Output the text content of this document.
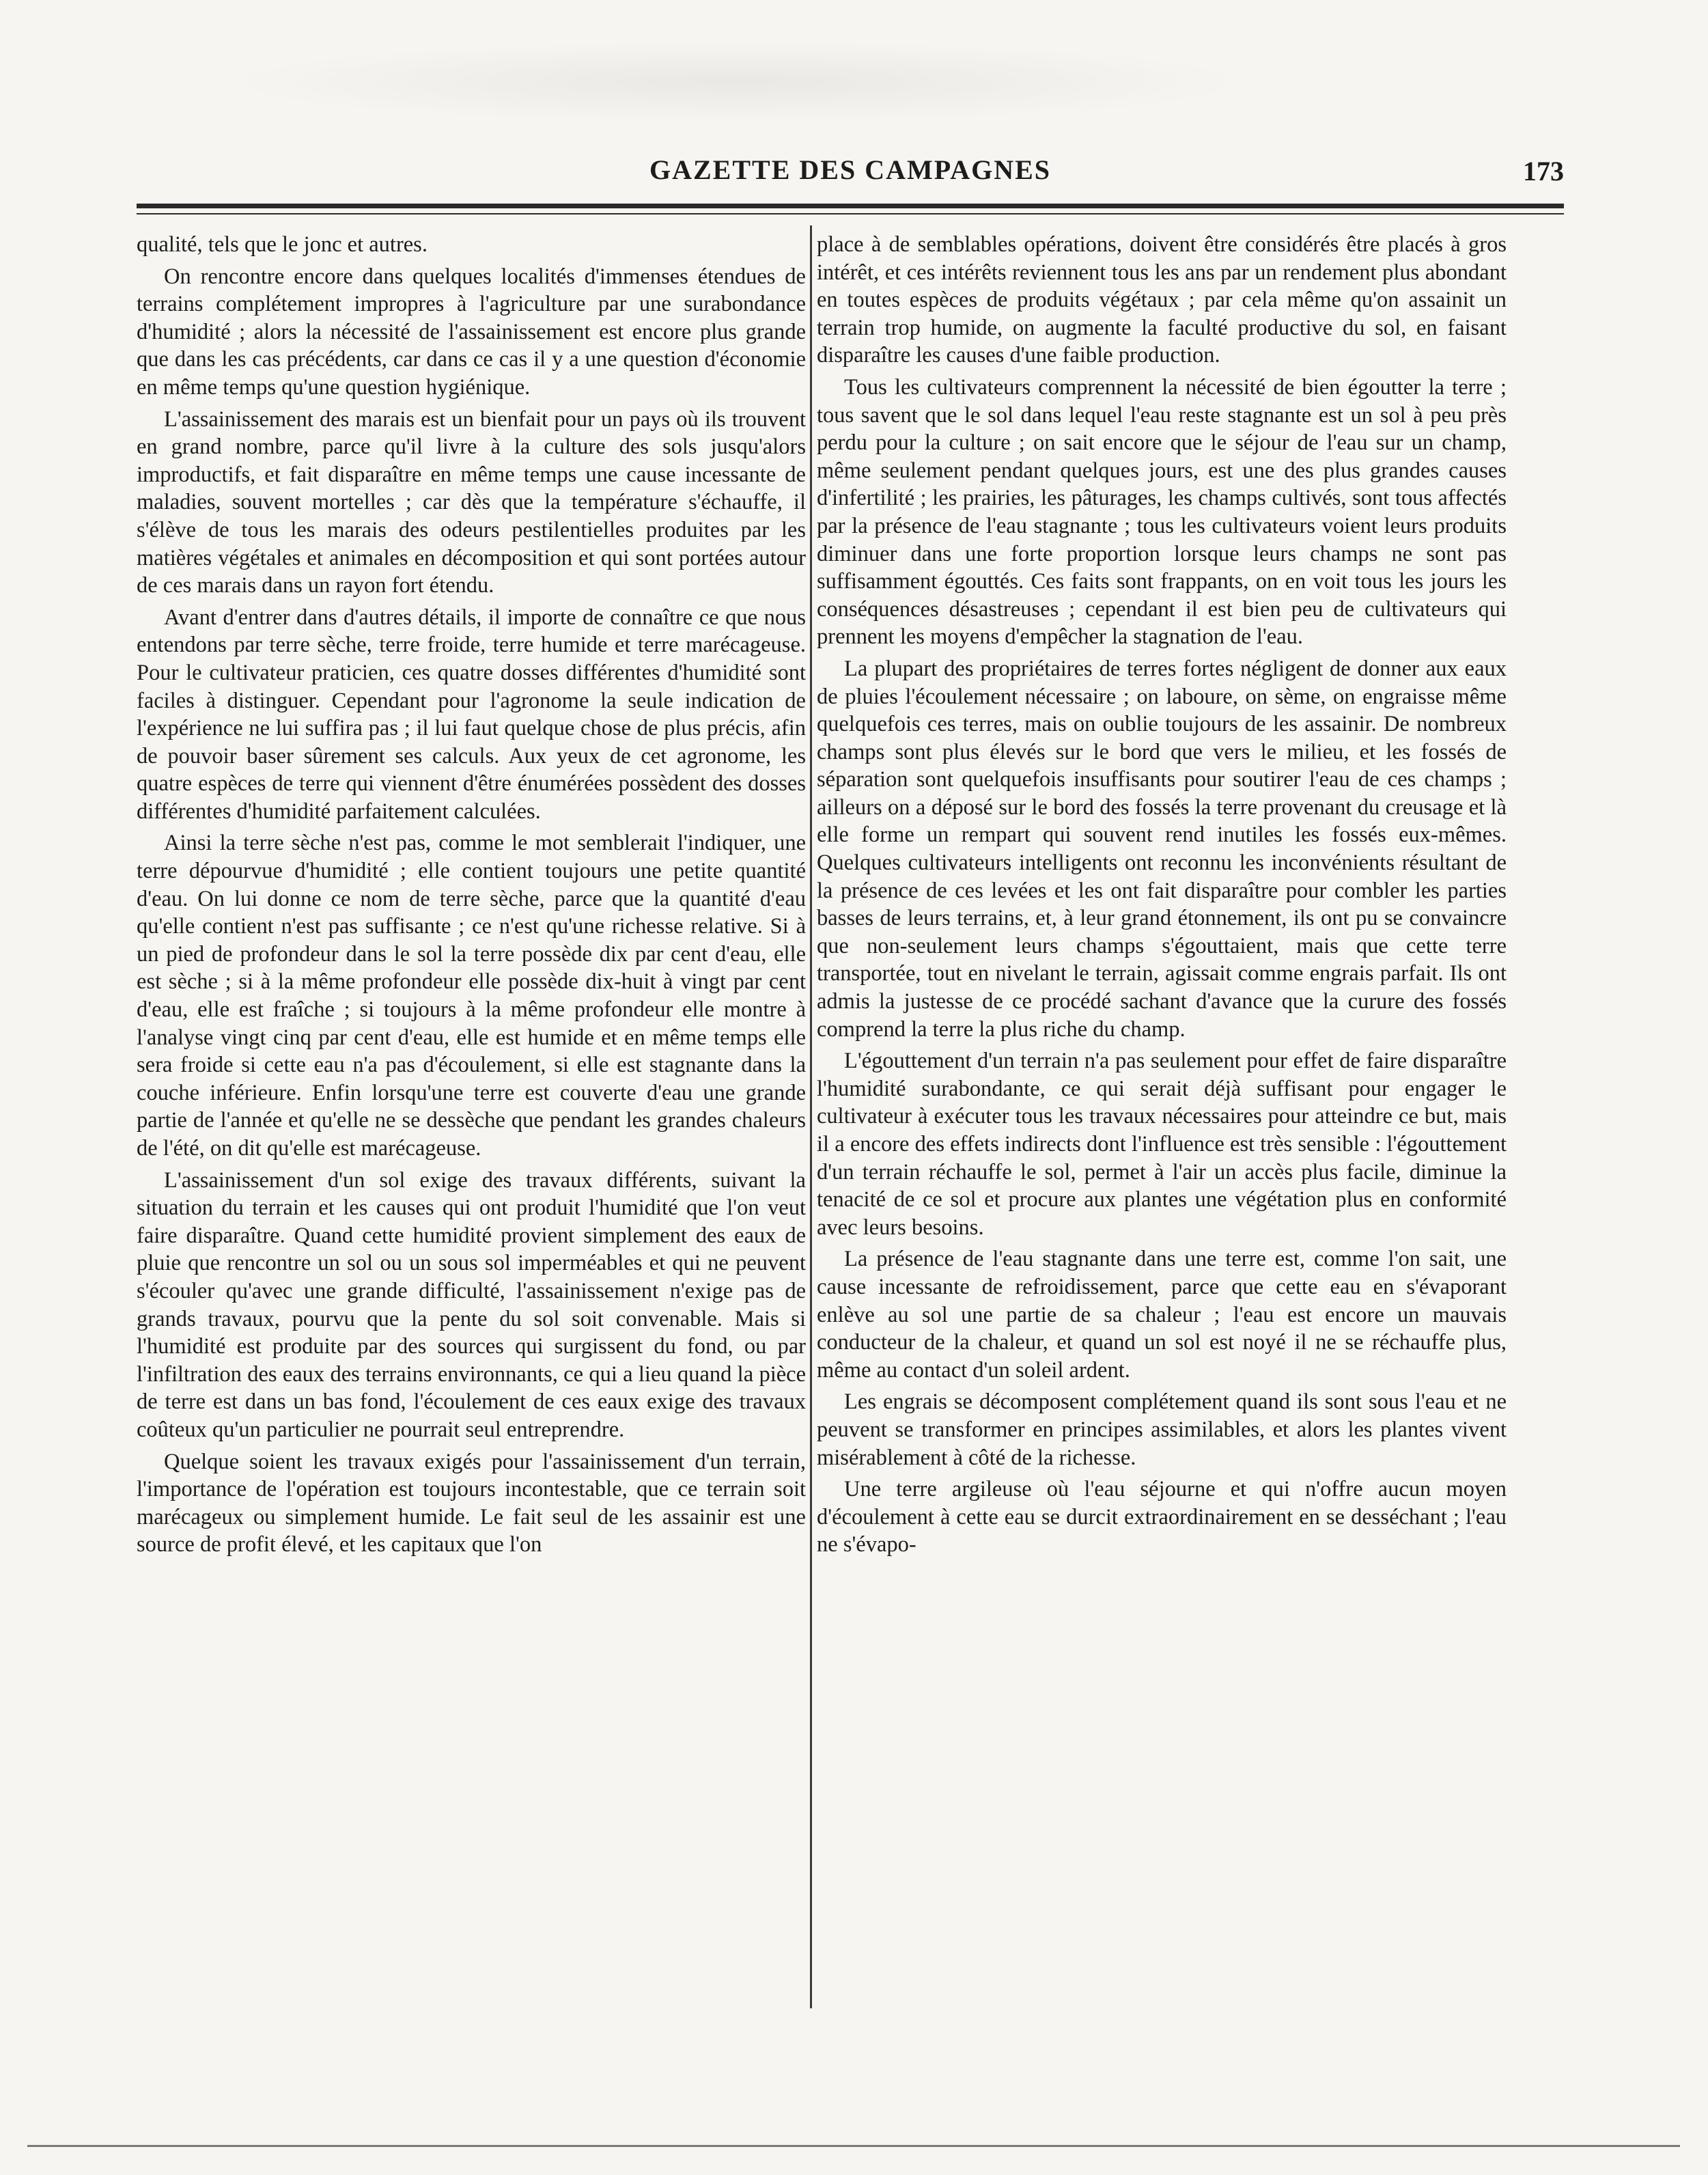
GAZETTE DES CAMPAGNES	173

qualité, tels que le jonc et autres.

On rencontre encore dans quelques localités d'immenses étendues de terrains complétement impropres à l'agriculture par une surabondance d'humidité ; alors la nécessité de l'assainissement est encore plus grande que dans les cas précédents, car dans ce cas il y a une question d'économie en même temps qu'une question hygiénique.

L'assainissement des marais est un bienfait pour un pays où ils trouvent en grand nombre, parce qu'il livre à la culture des sols jusqu'alors improductifs, et fait disparaître en même temps une cause incessante de maladies, souvent mortelles ; car dès que la température s'échauffe, il s'élève de tous les marais des odeurs pestilentielles produites par les matières végétales et animales en décomposition et qui sont portées autour de ces marais dans un rayon fort étendu.

Avant d'entrer dans d'autres détails, il importe de connaître ce que nous entendons par terre sèche, terre froide, terre humide et terre marécageuse. Pour le cultivateur praticien, ces quatre dosses différentes d'humidité sont faciles à distinguer. Cependant pour l'agronome la seule indication de l'expérience ne lui suffira pas ; il lui faut quelque chose de plus précis, afin de pouvoir baser sûrement ses calculs. Aux yeux de cet agronome, les quatre espèces de terre qui viennent d'être énumérées possèdent des dosses différentes d'humidité parfaitement calculées.

Ainsi la terre sèche n'est pas, comme le mot semblerait l'indiquer, une terre dépourvue d'humidité ; elle contient toujours une petite quantité d'eau. On lui donne ce nom de terre sèche, parce que la quantité d'eau qu'elle contient n'est pas suffisante ; ce n'est qu'une richesse relative. Si à un pied de profondeur dans le sol la terre possède dix par cent d'eau, elle est sèche ; si à la même profondeur elle possède dix-huit à vingt par cent d'eau, elle est fraîche ; si toujours à la même profondeur elle montre à l'analyse vingt cinq par cent d'eau, elle est humide et en même temps elle sera froide si cette eau n'a pas d'écoulement, si elle est stagnante dans la couche inférieure. Enfin lorsqu'une terre est couverte d'eau une grande partie de l'année et qu'elle ne se dessèche que pendant les grandes chaleurs de l'été, on dit qu'elle est marécageuse.

L'assainissement d'un sol exige des travaux différents, suivant la situation du terrain et les causes qui ont produit l'humidité que l'on veut faire disparaître. Quand cette humidité provient simplement des eaux de pluie que rencontre un sol ou un sous sol imperméables et qui ne peuvent s'écouler qu'avec une grande difficulté, l'assainissement n'exige pas de grands travaux, pourvu que la pente du sol soit convenable. Mais si l'humidité est produite par des sources qui surgissent du fond, ou par l'infiltration des eaux des terrains environnants, ce qui a lieu quand la pièce de terre est dans un bas fond, l'écoulement de ces eaux exige des travaux coûteux qu'un particulier ne pourrait seul entreprendre.

Quelque soient les travaux exigés pour l'assainissement d'un terrain, l'importance de l'opération est toujours incontestable, que ce terrain soit marécageux ou simplement humide. Le fait seul de les assainir est une source de profit élevé, et les capitaux que l'on

place à de semblables opérations, doivent être considérés être placés à gros intérêt, et ces intérêts reviennent tous les ans par un rendement plus abondant en toutes espèces de produits végétaux ; par cela même qu'on assainit un terrain trop humide, on augmente la faculté productive du sol, en faisant disparaître les causes d'une faible production.

Tous les cultivateurs comprennent la nécessité de bien égoutter la terre ; tous savent que le sol dans lequel l'eau reste stagnante est un sol à peu près perdu pour la culture ; on sait encore que le séjour de l'eau sur un champ, même seulement pendant quelques jours, est une des plus grandes causes d'infertilité ; les prairies, les pâturages, les champs cultivés, sont tous affectés par la présence de l'eau stagnante ; tous les cultivateurs voient leurs produits diminuer dans une forte proportion lorsque leurs champs ne sont pas suffisamment égouttés. Ces faits sont frappants, on en voit tous les jours les conséquences désastreuses ; cependant il est bien peu de cultivateurs qui prennent les moyens d'empêcher la stagnation de l'eau.

La plupart des propriétaires de terres fortes négligent de donner aux eaux de pluies l'écoulement nécessaire ; on laboure, on sème, on engraisse même quelquefois ces terres, mais on oublie toujours de les assainir. De nombreux champs sont plus élevés sur le bord que vers le milieu, et les fossés de séparation sont quelquefois insuffisants pour soutirer l'eau de ces champs ; ailleurs on a déposé sur le bord des fossés la terre provenant du creusage et là elle forme un rempart qui souvent rend inutiles les fossés eux-mêmes. Quelques cultivateurs intelligents ont reconnu les inconvénients résultant de la présence de ces levées et les ont fait disparaître pour combler les parties basses de leurs terrains, et, à leur grand étonnement, ils ont pu se convaincre que non-seulement leurs champs s'égouttaient, mais que cette terre transportée, tout en nivelant le terrain, agissait comme engrais parfait. Ils ont admis la justesse de ce procédé sachant d'avance que la curure des fossés comprend la terre la plus riche du champ.

L'égouttement d'un terrain n'a pas seulement pour effet de faire disparaître l'humidité surabondante, ce qui serait déjà suffisant pour engager le cultivateur à exécuter tous les travaux nécessaires pour atteindre ce but, mais il a encore des effets indirects dont l'influence est très sensible : l'égouttement d'un terrain réchauffe le sol, permet à l'air un accès plus facile, diminue la tenacité de ce sol et procure aux plantes une végétation plus en conformité avec leurs besoins.

La présence de l'eau stagnante dans une terre est, comme l'on sait, une cause incessante de refroidissement, parce que cette eau en s'évaporant enlève au sol une partie de sa chaleur ; l'eau est encore un mauvais conducteur de la chaleur, et quand un sol est noyé il ne se réchauffe plus, même au contact d'un soleil ardent.

Les engrais se décomposent complétement quand ils sont sous l'eau et ne peuvent se transformer en principes assimilables, et alors les plantes vivent misérablement à côté de la richesse.

Une terre argileuse où l'eau séjourne et qui n'offre aucun moyen d'écoulement à cette eau se durcit extraordinairement en se desséchant ; l'eau ne s'évapo-
